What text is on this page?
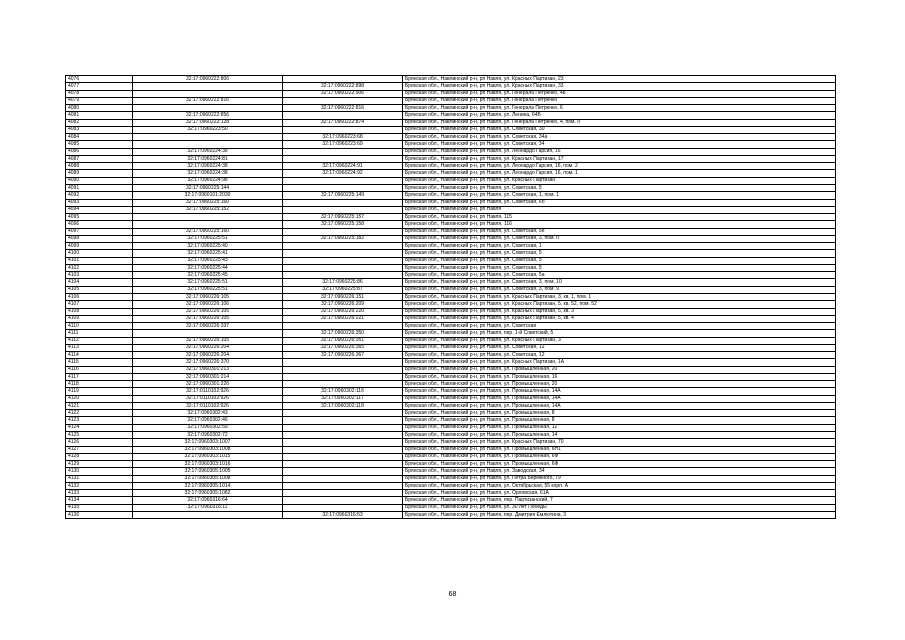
4076	32:17:0960222:806		Брянская обл., Навлинский р-н, рп Навля, ул. Красных Партизан, 23
4077		32:17:0960222:898	Брянская обл., Навлинский р-н, рп Навля, ул. Красных Партизан, 33
4078		32:17:0960222:906	Брянская обл., Навлинский р-н, рп Навля, ул. Генерала Петренко, 48
4079	32:17:0960222:816		Брянская обл., Навлинский р-н, рп Навля, ул. Генерала Петренко
4080		32:17:0960222:816	Брянская обл., Навлинский р-н, рп Навля, ул. Генерала Петренко, 6
4081	32:17:0960222:856		Брянская обл., Навлинский р-н, рп Навля, ул. Ленина, 64Б
4082	32:17:0960222:128	32:17:0960222:874	Брянская обл., Навлинский р-н, рп Навля, ул. Генерала Петренко, 4, пом. II
4083	32:17:0960223:50		Брянская обл., Навлинский р-н, рп Навля, ул. Советская, 30
4084		32:17:0960223:68	Брянская обл., Навлинский р-н, рп Навля, ул. Советская, 34а
4085		32:17:0960223:69	Брянская обл., Навлинский р-н, рп Навля, ул. Советская, 34
4086	32:17:0960224:38		Брянская обл., Навлинский р-н, рп Навля, ул. Леонардо Гарсия, 16
4087	32:17:0960224:81		Брянская обл., Навлинский р-н, рп Навля, ул. Красных Партизан, 17
4088	32:17:0960224:38	32:17:0960224:91	Брянская обл., Навлинский р-н, рп Навля, ул. Леонардо Гарсия, 16, пом. 2
4089	32:17:0960224:38	32:17:0960224:92	Брянская обл., Навлинский р-н, рп Навля, ул. Леонардо Гарсия, 16, пом. 1
4090	32:17:0960224:98		Брянская обл., Навлинский р-н, рп Навля, ул. Красных Партизан
4091	32:17:0960225:144		Брянская обл., Навлинский р-н, рп Навля, ул. Советская, 5
4092	32:17:0960101:2030	32:17:0960225:149	Брянская обл., Навлинский р-н, рп Навля, ул. Советская, 1, пом. 1
4093	32:17:0960225:160		Брянская обл., Навлинский р-н, рп Навля, ул. Советская, 6б
4094	32:17:0960225:152		Брянская обл., Навлинский р-н, рп Навля
4095		32:17:0960225:157	Брянская обл., Навлинский р-н, рп Навля, 115
4096		32:17:0960225:158	Брянская обл., Навлинский р-н, рп Навля, 116
4097	32:17:0960225:160		Брянская обл., Навлинский р-н, рп Навля, ул. Советская, 5е
4098	32:17:0960225:51	32:17:0960225:182	Брянская обл., Навлинский р-н, рп Навля, ул. Советская, 3, пом. II
4099	32:17:0960225:40		Брянская обл., Навлинский р-н, рп Навля, ул. Советская, 1
4100	32:17:0960225:41		Брянская обл., Навлинский р-н, рп Навля, ул. Советская, 5
4101	32:17:0960225:43		Брянская обл., Навлинский р-н, рп Навля, ул. Советская, 5
4102	32:17:0960225:44		Брянская обл., Навлинский р-н, рп Навля, ул. Советская, 5
4103	32:17:0960225:45		Брянская обл., Навлинский р-н, рп Навля, ул. Советская, 5а
4104	32:17:0960225:51	32:17:0960225:86	Брянская обл., Навлинский р-н, рп Навля, ул. Советская, 3, пом. 10
4105	32:17:0960225:51	32:17:0960225:87	Брянская обл., Навлинский р-н, рп Навля, ул. Советская, 3, пом. 9
4106	32:17:0960226:105	32:17:0960226:151	Брянская обл., Навлинский р-н, рп Навля, ул. Красных Партизан, 3, кв. 1, пом. 1
4107	32:17:0960226:106	32:17:0960226:209	Брянская обл., Навлинский р-н, рп Навля, ул. Красных Партизан, 5, кв. 52, пом. 52
4108	32:17:0960226:105	32:17:0960226:220	Брянская обл., Навлинский р-н, рп Навля, ул. Красных Партизан, 5, кв. 3
4109	32:17:0960226:105	32:17:0960226:221	Брянская обл., Навлинский р-н, рп Навля, ул. Красных Партизан, 5, кв. 4
4110	32:17:0960226:337		Брянская обл., Навлинский р-н, рп Навля, ул. Советская
4111		32:17:0960226:350	Брянская обл., Навлинский р-н, рп Навля, пер. 1-й Советский, 5
4112	32:17:0960226:105	32:17:0960226:351	Брянская обл., Навлинский р-н, рп Навля, ул. Красных Партизан, 3
4113	32:17:0960226:204	32:17:0960226:365	Брянская обл., Навлинский р-н, рп Навля, ул. Советская, 12
4114	32:17:0960226:204	32:17:0960226:367	Брянская обл., Навлинский р-н, рп Навля, ул. Советская, 12
4115	32:17:0960226:370		Брянская обл., Навлинский р-н, рп Навля, ул. Красных Партизан, 1А
4116	32:17:0960301:213		Брянская обл., Навлинский р-н, рп Навля, ул. Промышленная, 20
4117	32:17:0960301:214		Брянская обл., Навлинский р-н, рп Навля, ул. Промышленная, 16
4118	32:17:0960301:226		Брянская обл., Навлинский р-н, рп Навля, ул. Промышленная, 20
4119	32:17:0110102:926	32:17:0960302:116	Брянская обл., Навлинский р-н, рп Навля, ул. Промышленная, 14А
4120	32:17:0110102:926	32:17:0960302:117	Брянская обл., Навлинский р-н, рп Навля, ул. Промышленная, 14А
4121	32:17:0110102:926	32:17:0960302:118	Брянская обл., Навлинский р-н, рп Навля, ул. Промышленная, 14А
4122	32:17:0960302:43		Брянская обл., Навлинский р-н, рп Навля, ул. Промышленная, 8
4123	32:17:0960302:46		Брянская обл., Навлинский р-н, рп Навля, ул. Промышленная, 8
4124	32:17:0960302:59		Брянская обл., Навлинский р-н, рп Навля, ул. Промышленная, 12
4125	32:17:0960302:72		Брянская обл., Навлинский р-н, рп Навля, ул. Промышленная, 14
4126	32:17:0960303:1007		Брянская обл., Навлинский р-н, рп Навля, ул. Красных Партизан, 70
4127	32:17:0960303:1008		Брянская обл., Навлинский р-н, рп Навля, ул. Промышленная, 6Н1
4128	32:17:0960303:1015		Брянская обл., Навлинский р-н, рп Навля, ул. Промышленная, 6Ф
4129	32:17:0960303:1016		Брянская обл., Навлинский р-н, рп Навля, ул. Промышленная, 6Ф
4130	32:17:0960305:1005		Брянская обл., Навлинский р-н, рп Навля, ул. Заводская, 34
4131	32:17:0960305:1008		Брянская обл., Навлинский р-н, рп Навля, ул. Петра Бережного, 79
4132	32:17:0960305:1014		Брянская обл., Навлинский р-н, рп Навля, ул. Октябрьская, 55 корп. А
4133	32:17:0960305:1082		Брянская обл., Навлинский р-н, рп Навля, ул. Орловская, 61А
4134	32:17:0960316:64		Брянская обл., Навлинский р-н, рп Навля, пер. Партизанский, 7
4135	32:17:0960316:11		Брянская обл., Навлинский р-н, рп Навля, ул. 30 лет Победы
4136		32:17:0960316:53	Брянская обл., Навлинский р-н, рп Навля, пер. Дмитрия Емлютина, 3
68
